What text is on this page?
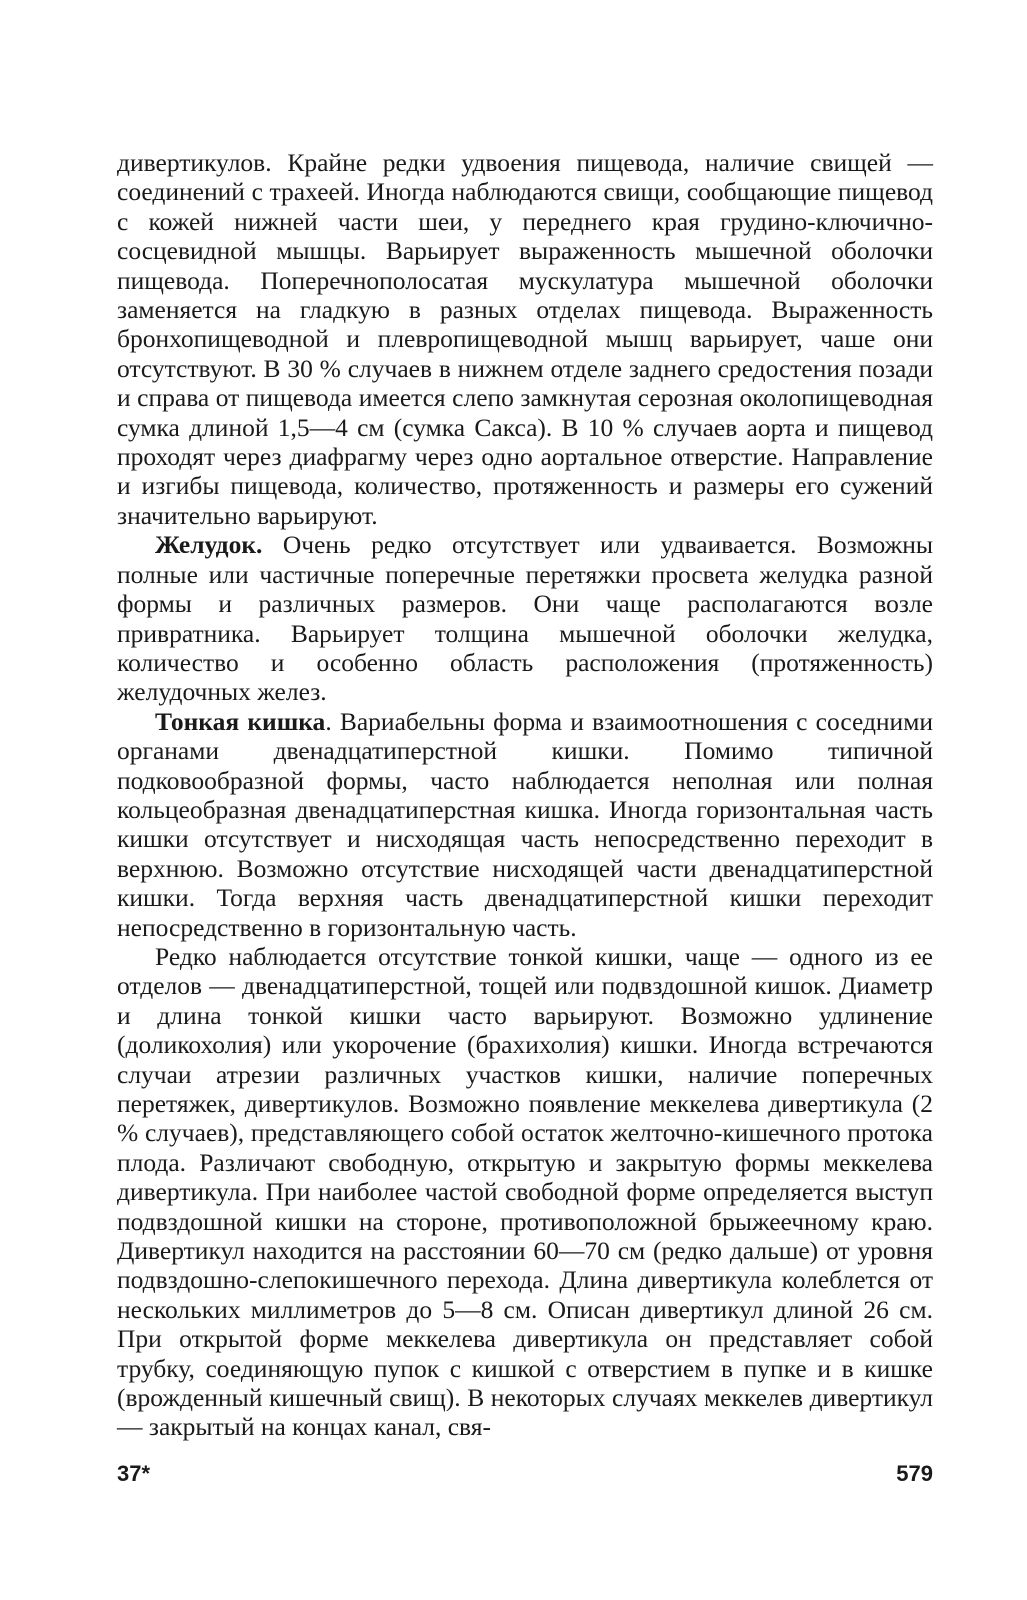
дивертикулов. Крайне редки удвоения пищевода, наличие свищей — соединений с трахеей. Иногда наблюдаются свищи, сообщающие пищевод с кожей нижней части шеи, у переднего края грудино-ключично-сосцевидной мышцы. Варьирует выраженность мышечной оболочки пищевода. Поперечнополосатая мускулатура мышечной оболочки заменяется на гладкую в разных отделах пищевода. Выраженность бронхопищеводной и плевропищеводной мышц варьирует, чаше они отсутствуют. В 30 % случаев в нижнем отделе заднего средостения позади и справа от пищевода имеется слепо замкнутая серозная околопищеводная сумка длиной 1,5—4 см (сумка Сакса). В 10 % случаев аорта и пищевод проходят через диафрагму через одно аортальное отверстие. Направление и изгибы пищевода, количество, протяженность и размеры его сужений значительно варьируют.

Желудок. Очень редко отсутствует или удваивается. Возможны полные или частичные поперечные перетяжки просвета желудка разной формы и различных размеров. Они чаще располагаются возле привратника. Варьирует толщина мышечной оболочки желудка, количество и особенно область расположения (протяженность) желудочных желез.

Тонкая кишка. Вариабельны форма и взаимоотношения с соседними органами двенадцатиперстной кишки. Помимо типичной подковообразной формы, часто наблюдается неполная или полная кольцеобразная двенадцатиперстная кишка. Иногда горизонтальная часть кишки отсутствует и нисходящая часть непосредственно переходит в верхнюю. Возможно отсутствие нисходящей части двенадцатиперстной кишки. Тогда верхняя часть двенадцатиперстной кишки переходит непосредственно в горизонтальную часть.

Редко наблюдается отсутствие тонкой кишки, чаще — одного из ее отделов — двенадцатиперстной, тощей или подвздошной кишок. Диаметр и длина тонкой кишки часто варьируют. Возможно удлинение (доликохолия) или укорочение (брахихолия) кишки. Иногда встречаются случаи атрезии различных участков кишки, наличие поперечных перетяжек, дивертикулов. Возможно появление меккелева дивертикула (2 % случаев), представляющего собой остаток желточно-кишечного протока плода. Различают свободную, открытую и закрытую формы меккелева дивертикула. При наиболее частой свободной форме определяется выступ подвздошной кишки на стороне, противоположной брыжеечному краю. Дивертикул находится на расстоянии 60—70 см (редко дальше) от уровня подвздошно-слепокишечного перехода. Длина дивертикула колеблется от нескольких миллиметров до 5—8 см. Описан дивертикул длиной 26 см. При открытой форме меккелева дивертикула он представляет собой трубку, соединяющую пупок с кишкой с отверстием в пупке и в кишке (врожденный кишечный свищ). В некоторых случаях меккелев дивертикул — закрытый на концах канал, свя-

37*	579
